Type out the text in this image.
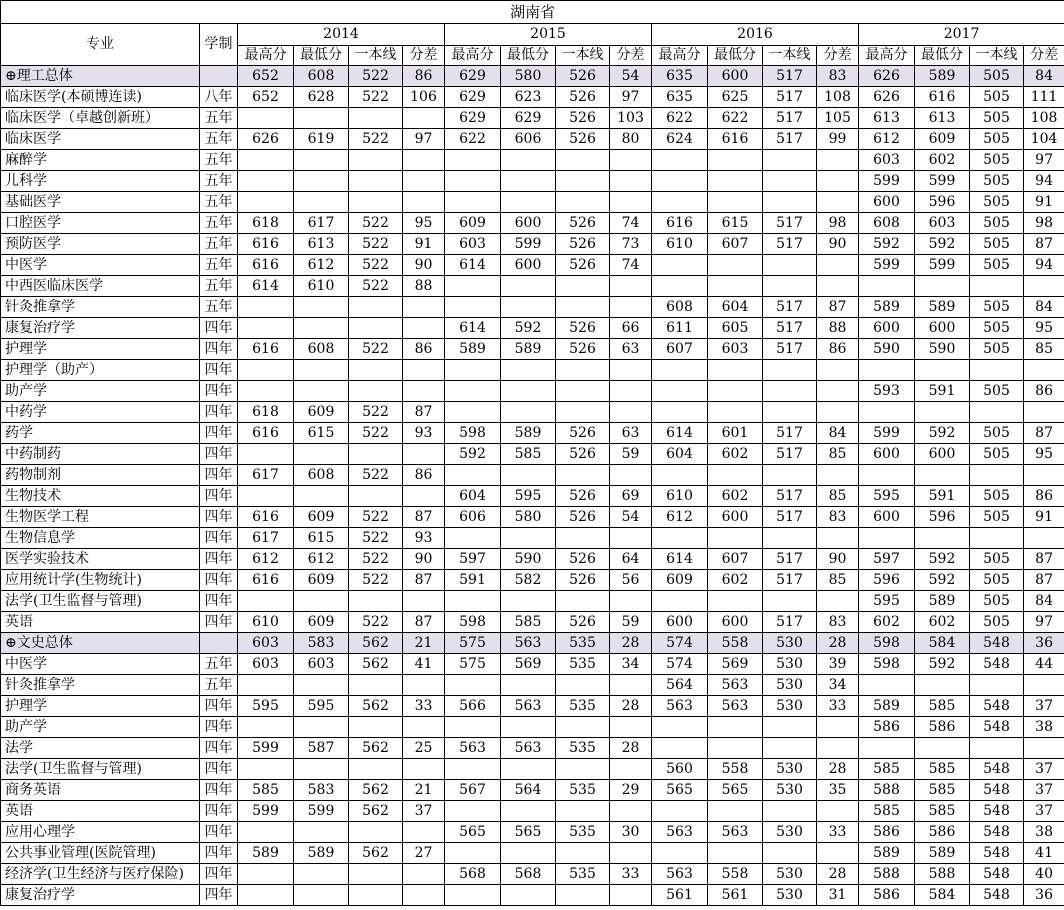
湖南省																	
专业	学制	2014				2015				2016				2017			
		最高分	最低分	一本线	分差	最高分	最低分	一本线	分差	最高分	最低分	一本线	分差	最高分	最低分	一本线	分差
⊕理工总体		652	608	522	86	629	580	526	54	635	600	517	83	626	589	505	84
临床医学(本硕博连读)	八年	652	628	522	106	629	623	526	97	635	625	517	108	626	616	505	111
临床医学（卓越创新班）	五年					629	629	526	103	622	622	517	105	613	613	505	108
临床医学	五年	626	619	522	97	622	606	526	80	624	616	517	99	612	609	505	104
麻醉学	五年													603	602	505	97
儿科学	五年													599	599	505	94
基础医学	五年													600	596	505	91
口腔医学	五年	618	617	522	95	609	600	526	74	616	615	517	98	608	603	505	98
预防医学	五年	616	613	522	91	603	599	526	73	610	607	517	90	592	592	505	87
中医学	五年	616	612	522	90	614	600	526	74					599	599	505	94
中西医临床医学	五年	614	610	522	88												
针灸推拿学	五年									608	604	517	87	589	589	505	84
康复治疗学	四年					614	592	526	66	611	605	517	88	600	600	505	95
护理学	四年	616	608	522	86	589	589	526	63	607	603	517	86	590	590	505	85
护理学（助产）	四年																
助产学	四年													593	591	505	86
中药学	四年	618	609	522	87												
药学	四年	616	615	522	93	598	589	526	63	614	601	517	84	599	592	505	87
中药制药	四年					592	585	526	59	604	602	517	85	600	600	505	95
药物制剂	四年	617	608	522	86												
生物技术	四年					604	595	526	69	610	602	517	85	595	591	505	86
生物医学工程	四年	616	609	522	87	606	580	526	54	612	600	517	83	600	596	505	91
生物信息学	四年	617	615	522	93												
医学实验技术	四年	612	612	522	90	597	590	526	64	614	607	517	90	597	592	505	87
应用统计学(生物统计)	四年	616	609	522	87	591	582	526	56	609	602	517	85	596	592	505	87
法学(卫生监督与管理)	四年													595	589	505	84
英语	四年	610	609	522	87	598	585	526	59	600	600	517	83	602	602	505	97
⊕文史总体		603	583	562	21	575	563	535	28	574	558	530	28	598	584	548	36
中医学	五年	603	603	562	41	575	569	535	34	574	569	530	39	598	592	548	44
针灸推拿学	五年									564	563	530	34				
护理学	四年	595	595	562	33	566	563	535	28	563	563	530	33	589	585	548	37
助产学	四年													586	586	548	38
法学	四年	599	587	562	25	563	563	535	28								
法学(卫生监督与管理)	四年									560	558	530	28	585	585	548	37
商务英语	四年	585	583	562	21	567	564	535	29	565	565	530	35	588	585	548	37
英语	四年	599	599	562	37									585	585	548	37
应用心理学	四年					565	565	535	30	563	563	530	33	586	586	548	38
公共事业管理(医院管理)	四年	589	589	562	27									589	589	548	41
经济学(卫生经济与医疗保险)	四年					568	568	535	33	563	558	530	28	588	588	548	40
康复治疗学	四年									561	561	530	31	586	584	548	36
